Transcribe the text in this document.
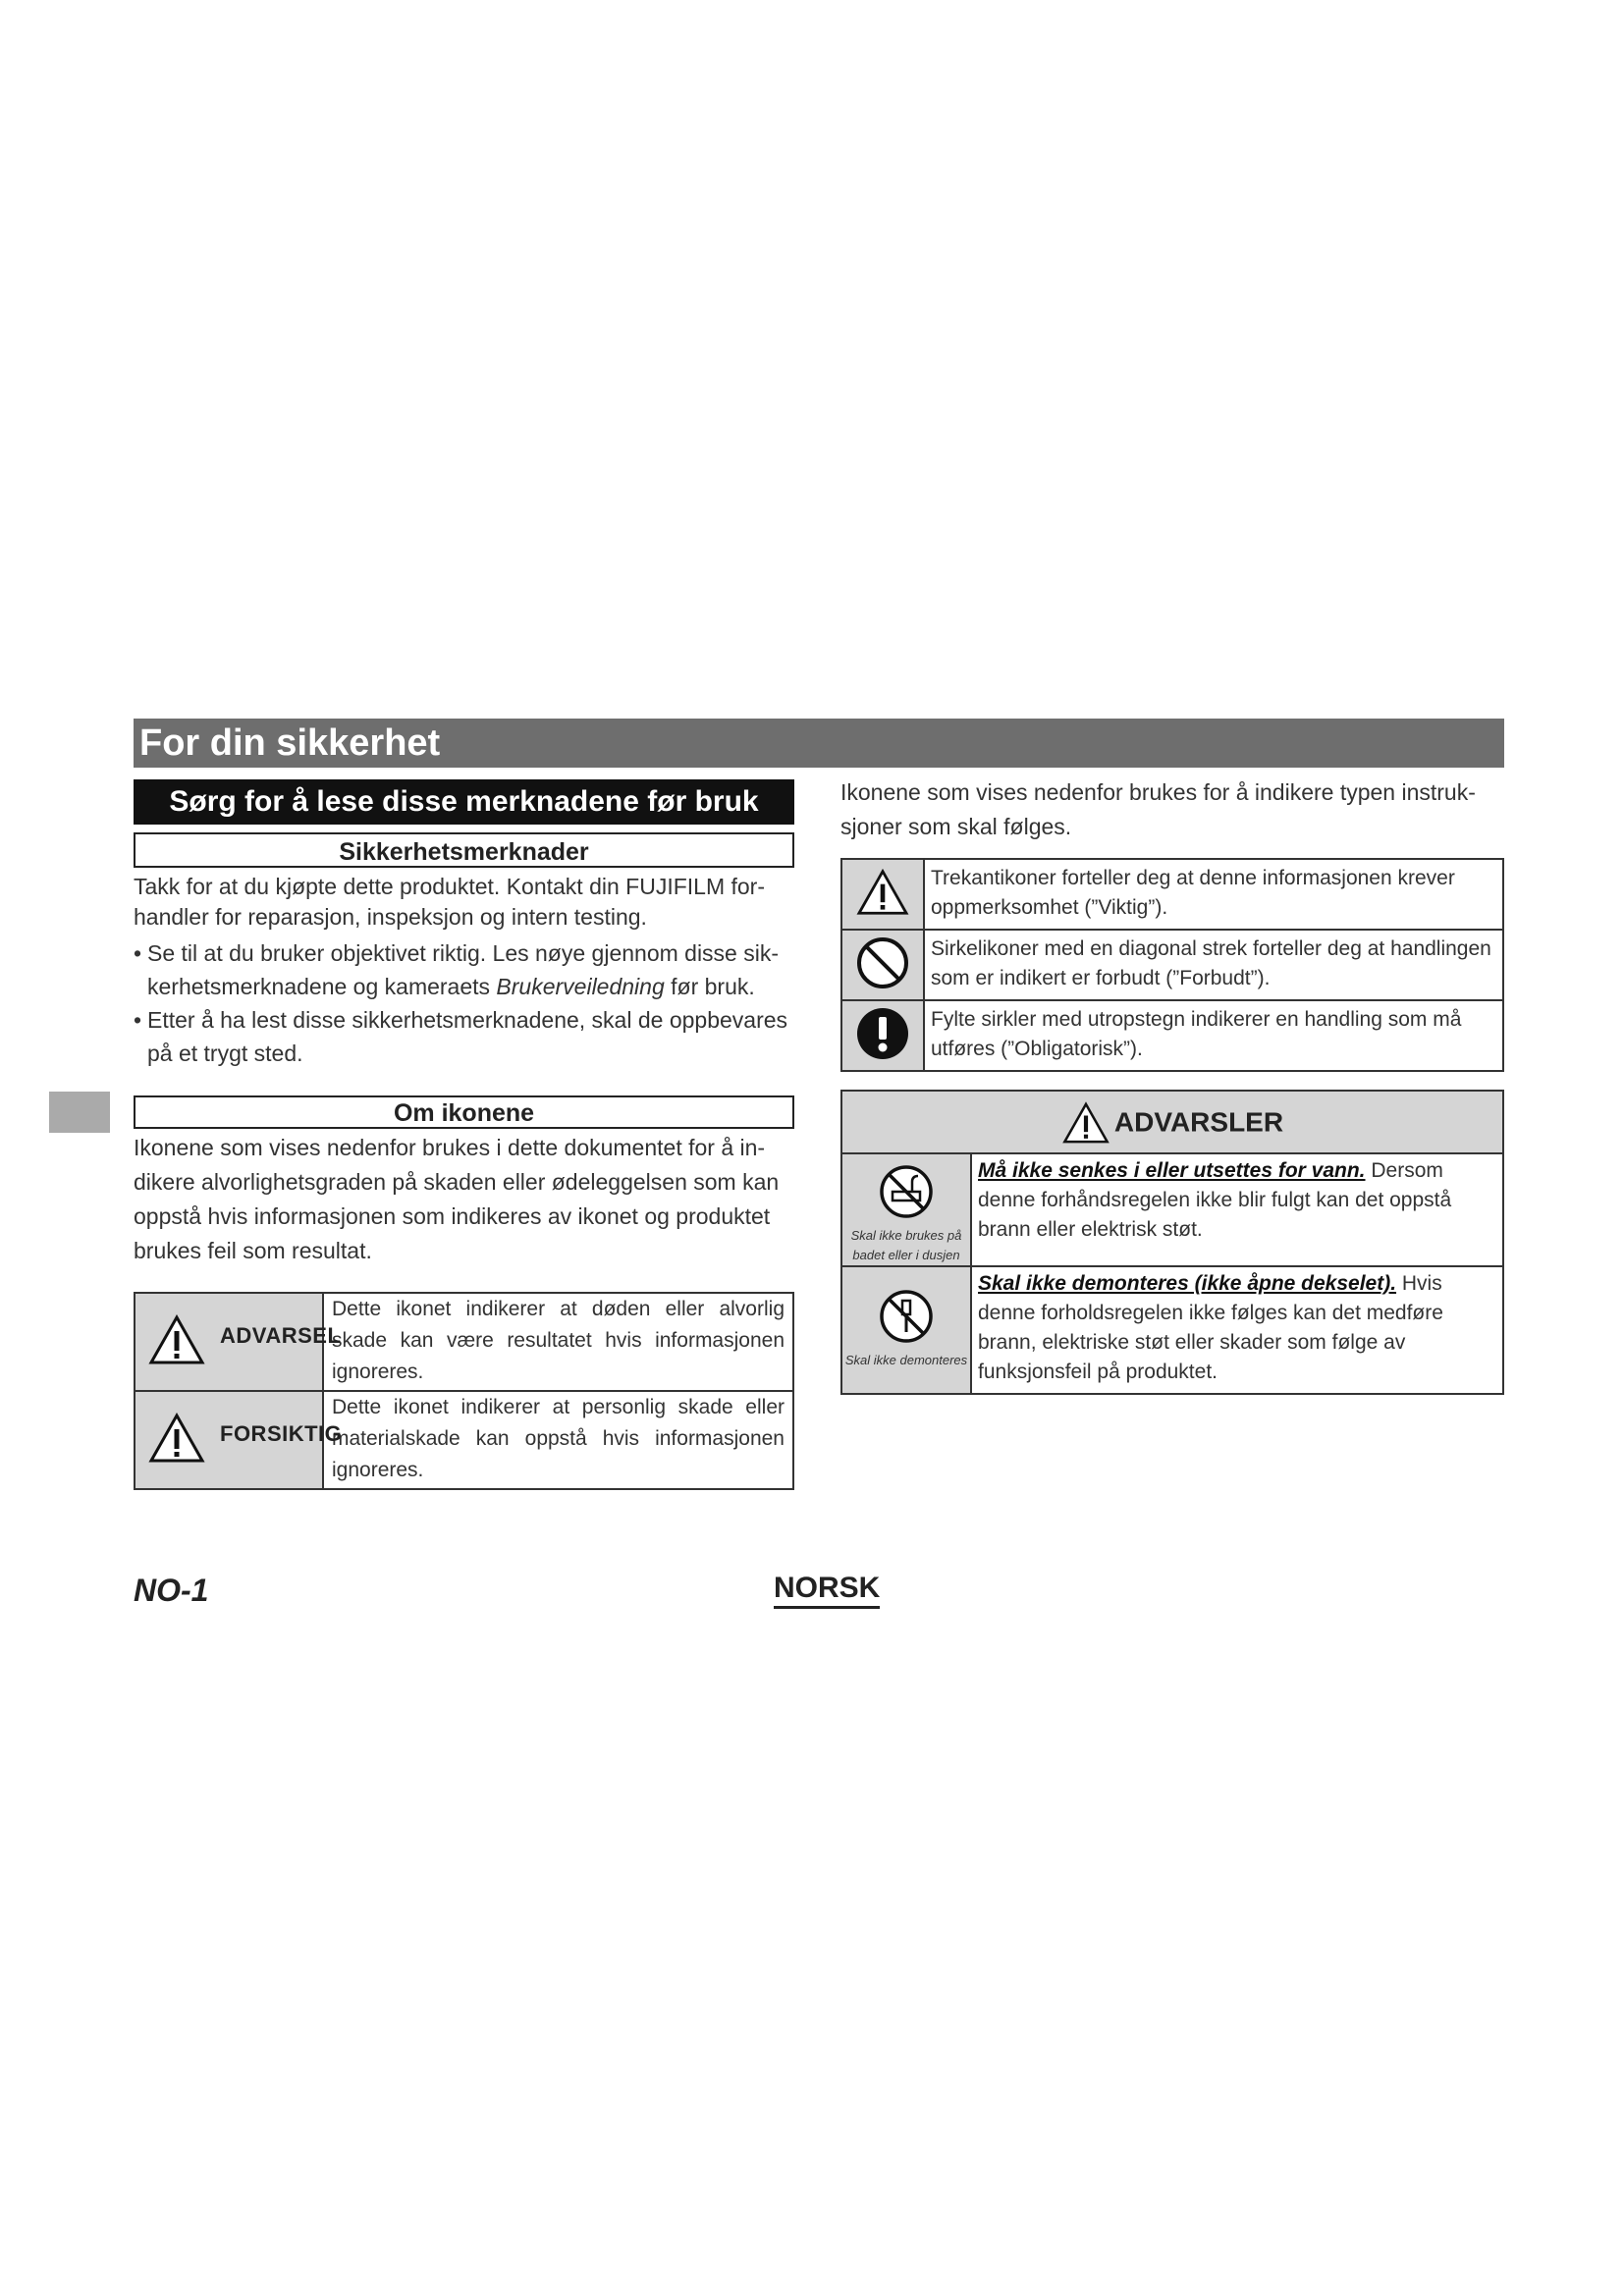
For din sikkerhet
Sørg for å lese disse merknadene før bruk
Sikkerhetsmerknader

Takk for at du kjøpte dette produktet. Kontakt din FUJIFILM forhandler for reparasjon, inspeksjon og intern testing.

• Se til at du bruker objektivet riktig. Les nøye gjennom disse sikkerhetsmerknadene og kameraets Brukerveiledning før bruk.

• Etter å ha lest disse sikkerhetsmerknadene, skal de oppbevares på et trygt sted.

Om ikonene

Ikonene som vises nedenfor brukes i dette dokumentet for å indikere alvorlighetsgraden på skaden eller ødeleggelsen som kan oppstå hvis informasjonen som indikeres av ikonet og produktet brukes feil som resultat.

ADVARSEL	Dette ikonet indikerer at døden eller alvorlig skade kan være resultatet hvis informasjonen ignoreres.

FORSIKTIG	Dette ikonet indikerer at personlig skade eller materialskade kan oppstå hvis informasjonen ignoreres.

Ikonene som vises nedenfor brukes for å indikere typen instruksjoner som skal følges.

	Trekantikoner forteller deg at denne informasjonen krever oppmerksomhet (”Viktig”).
	Sirkelikoner med en diagonal strek forteller deg at handlingen som er indikert er forbudt (”Forbudt”).
	Fylte sirkler med utropstegn indikerer en handling som må utføres (”Obligatorisk”).
ADVARSLER	

Skal ikke brukes på badet eller i dusjen	Må ikke senkes i eller utsettes for vann. Dersom denne forhåndsregelen ikke blir fulgt kan det oppstå brann eller elektrisk støt.

Skal ikke demonteres	Skal ikke demonteres (ikke åpne dekselet). Hvis denne forholdsregelen ikke følges kan det medføre brann, elektriske støt eller skader som følge av funksjonsfeil på produktet.
NO-1	NORSK
